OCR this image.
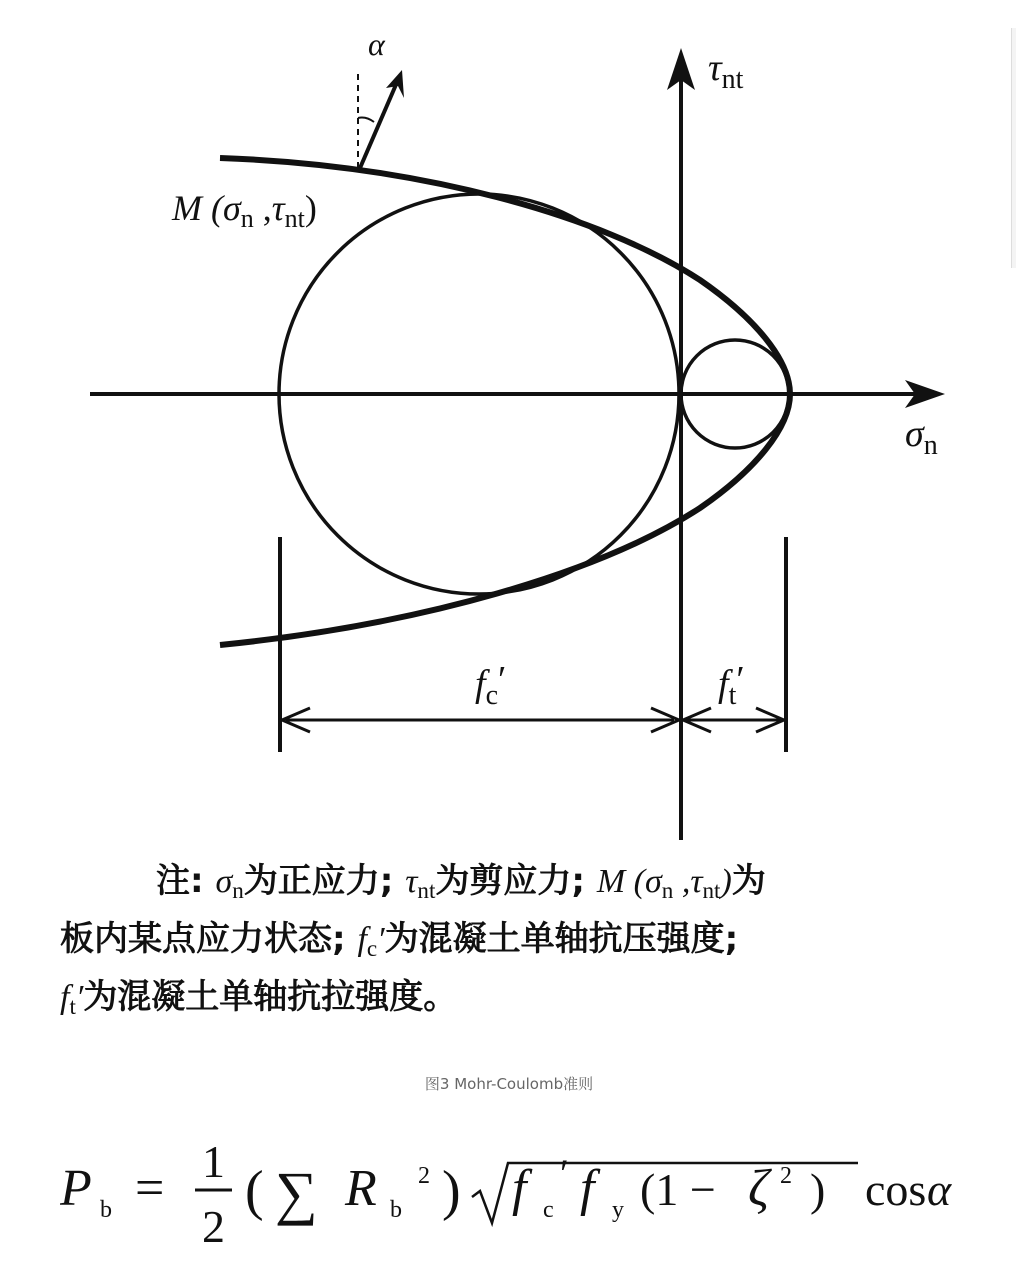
α
$\tau_{nt}$
$\sigma_n$
M (σn ,τnt)
$f_c'$	$f_t'$
注: $\sigma_n$为正应力; $\tau_{nt}$为剪应力; M ($\sigma_n$ $,\tau_{nt}$)为
板内某点应力状态; $f_c'$为混凝土单轴抗压强度;
$f_t'$为混凝土单轴抗拉强度。
图3 Mohr-Coulomb准则
P b = 1
2
( ∑ R b
2 ) f c
′ f y (1 − ζ 2 ) cos α
